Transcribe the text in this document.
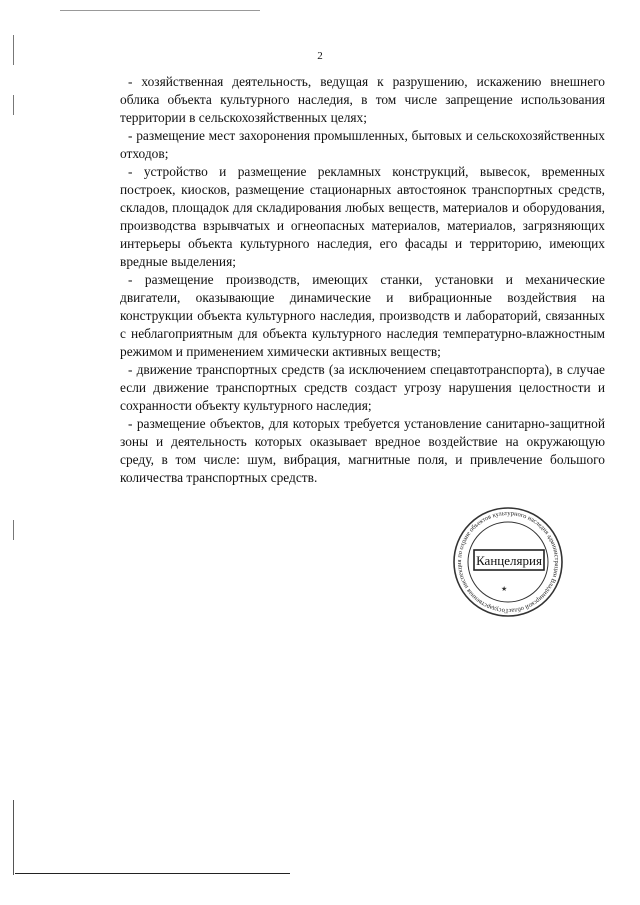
2

- хозяйственная деятельность, ведущая к разрушению, искажению внешнего облика объекта культурного наследия, в том числе запрещение использования территории в сельскохозяйственных целях;

- размещение мест захоронения промышленных, бытовых и сельскохозяйственных отходов;

- устройство и размещение рекламных конструкций, вывесок, временных построек, киосков, размещение стационарных автостоянок транспортных средств, складов, площадок для складирования любых веществ, материалов и оборудования, производства взрывчатых и огнеопасных материалов, материалов, загрязняющих интерьеры объекта культурного наследия, его фасады и территорию, имеющих вредные выделения;

- размещение производств, имеющих станки, установки и механические двигатели, оказывающие динамические и вибрационные воздействия на конструкции объекта культурного наследия, производств и лабораторий, связанных с неблагоприятным для объекта культурного наследия температурно-влажностным режимом и применением химически активных веществ;

- движение транспортных средств (за исключением спецавтотранспорта), в случае если движение транспортных средств создаст угрозу нарушения целостности и сохранности объекту культурного наследия;

- размещение объектов, для которых требуется установление санитарно-защитной зоны и деятельность которых оказывает вредное воздействие на окружающую среду, в том числе: шум, вибрация, магнитные поля, и привлечение большого количества транспортных средств.

Государственная инспекция по охране объектов культурного наследия администрации Владимирской облас
Канцелярия
★
